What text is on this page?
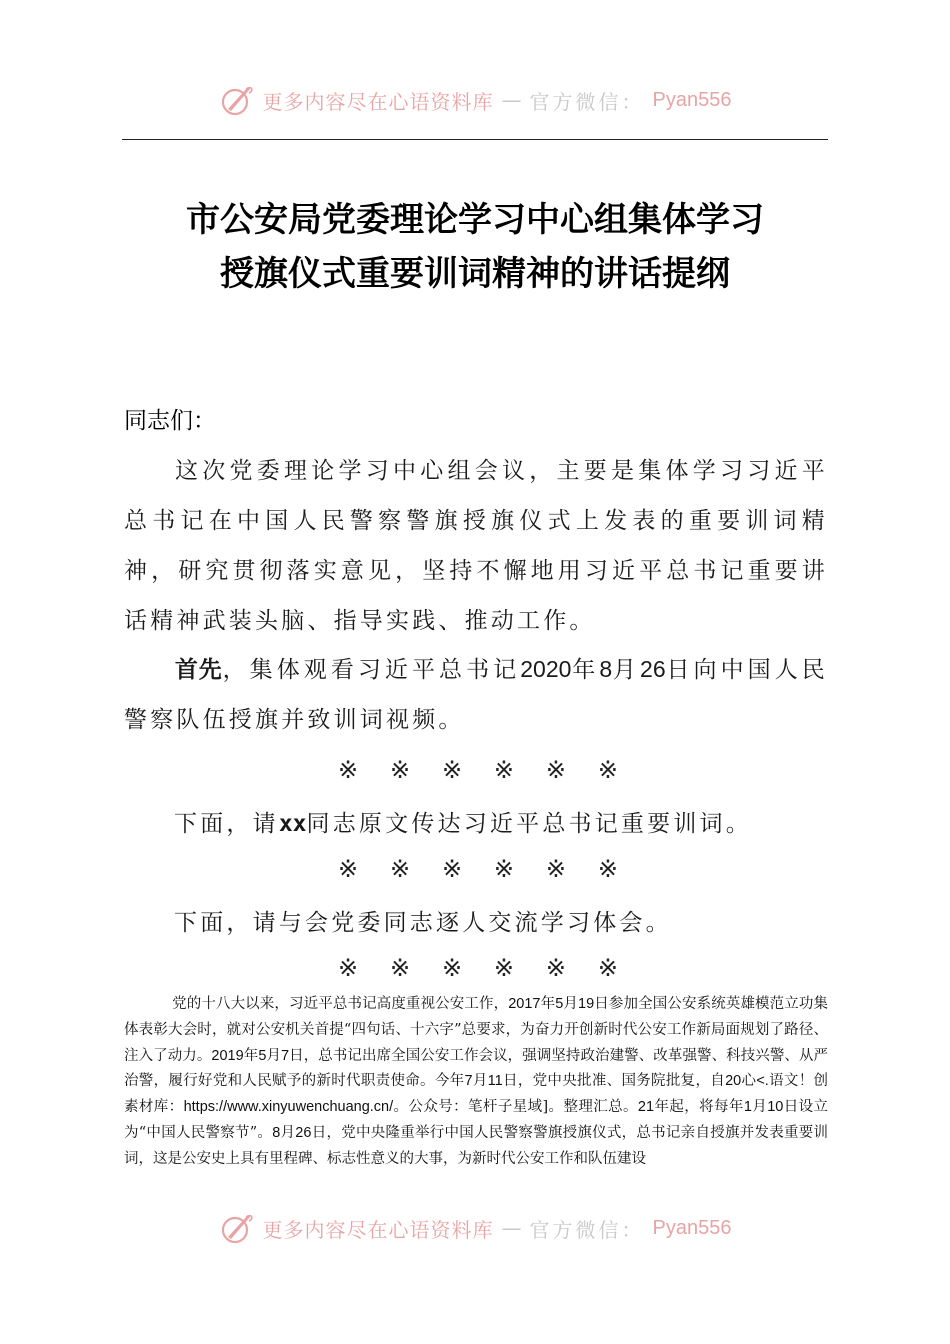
更多内容尽在心语资料库 — 官方微信： Pyan556
市公安局党委理论学习中心组集体学习
授旗仪式重要训词精神的讲话提纲
同志们：
这次党委理论学习中心组会议，主要是集体学习习近平总书记在中国人民警察警旗授旗仪式上发表的重要训词精神，研究贯彻落实意见，坚持不懈地用习近平总书记重要讲话精神武装头脑、指导实践、推动工作。
首先，集体观看习近平总书记2020年8月26日向中国人民警察队伍授旗并致训词视频。
※ ※ ※ ※ ※ ※
下面，请xx同志原文传达习近平总书记重要训词。
※ ※ ※ ※ ※ ※
下面，请与会党委同志逐人交流学习体会。
※ ※ ※ ※ ※ ※
党的十八大以来，习近平总书记高度重视公安工作，2017年5月19日参加全国公安系统英雄模范立功集体表彰大会时，就对公安机关首提“四句话、十六字”总要求，为奋力开创新时代公安工作新局面规划了路径、注入了动力。2019年5月7日，总书记出席全国公安工作会议，强调坚持政治建警、改革强警、科技兴警、从严治警，履行好党和人民赋予的新时代职责使命。今年7月11日，党中央批准、国务院批复，自20心<.语文！创素材库：https://www.xinyuwenchuang.cn/。公众号：笔杆子星域]。整理汇总。21年起，将每年1月10日设立为“中国人民警察节”。8月26日，党中央隆重举行中国人民警察警旗授旗仪式，总书记亲自授旗并发表重要训词，这是公安史上具有里程碑、标志性意义的大事，为新时代公安工作和队伍建设
更多内容尽在心语资料库 — 官方微信： Pyan556
